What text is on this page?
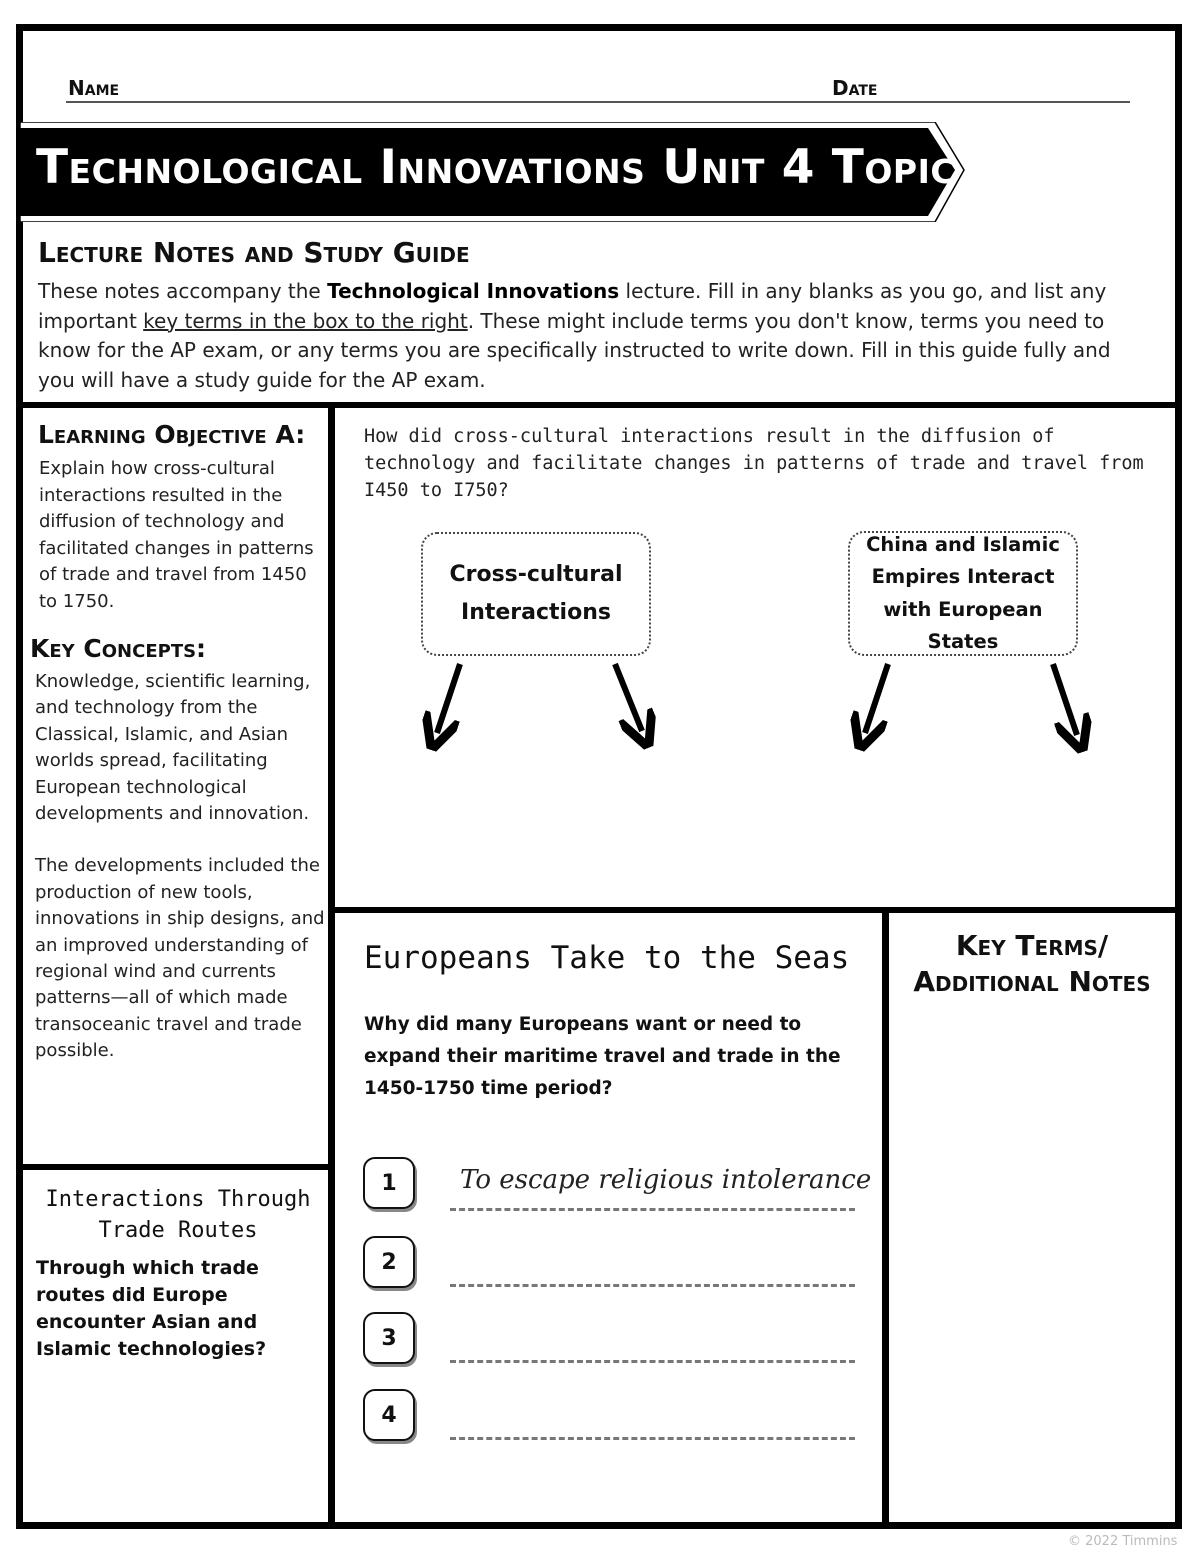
Name	Date
Technological Innovations Unit 4 Topic 1
Lecture Notes and Study Guide
These notes accompany the Technological Innovations lecture. Fill in any blanks as you go, and list any important key terms in the box to the right. These might include terms you don't know, terms you need to know for the AP exam, or any terms you are specifically instructed to write down. Fill in this guide fully and you will have a study guide for the AP exam.
Learning Objective A:
Explain how cross-cultural interactions resulted in the diffusion of technology and facilitated changes in patterns of trade and travel from 1450 to 1750.
Key Concepts:

Knowledge, scientific learning, and technology from the Classical, Islamic, and Asian worlds spread, facilitating European technological developments and innovation.

The developments included the production of new tools, innovations in ship designs, and an improved understanding of regional wind and currents patterns—all of which made transoceanic travel and trade possible.

Interactions Through Trade Routes
Through which trade routes did Europe encounter Asian and Islamic technologies?
How did cross-cultural interactions result in the diffusion of technology and facilitate changes in patterns of trade and travel from I450 to I750?
Cross-cultural Interactions
China and Islamic Empires Interact with European States
Europeans Take to the Seas
Why did many Europeans want or need to expand their maritime travel and trade in the 1450-1750 time period?
1
2
3
4
To escape religious intolerance
Key Terms/ Additional Notes
© 2022 Timmins
